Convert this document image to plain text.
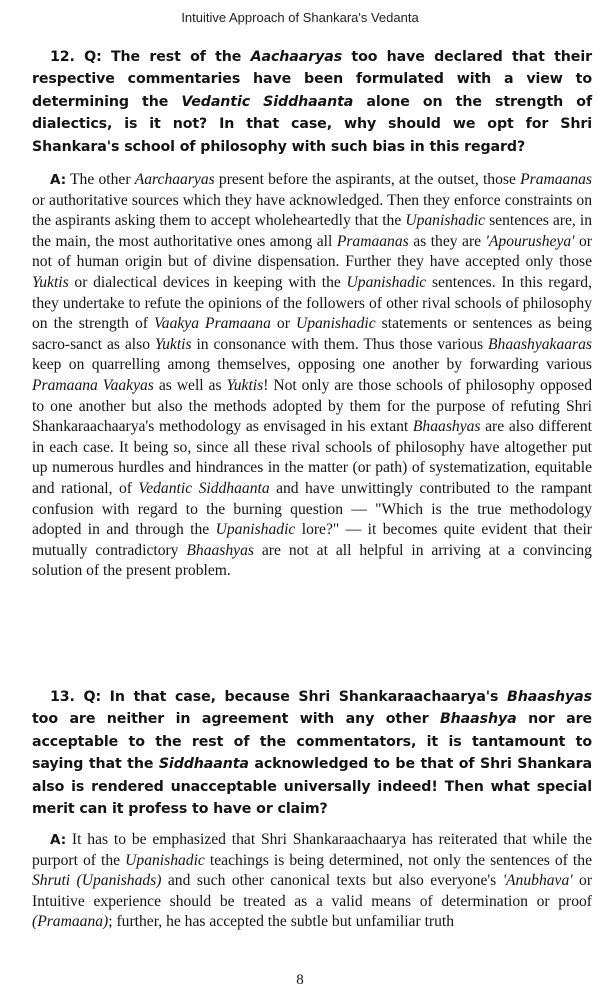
Intuitive Approach of Shankara's Vedanta

12. Q: The rest of the Aachaaryas too have declared that their respective commentaries have been formulated with a view to determining the Vedantic Siddhaanta alone on the strength of dialectics, is it not? In that case, why should we opt for Shri Shankara's school of philosophy with such bias in this regard?

A: The other Aarchaaryas present before the aspirants, at the outset, those Pramaanas or authoritative sources which they have acknowledged. Then they enforce constraints on the aspirants asking them to accept wholeheartedly that the Upanishadic sentences are, in the main, the most authoritative ones among all Pramaanas as they are 'Apourusheya' or not of human origin but of divine dispensation. Further they have accepted only those Yuktis or dialectical devices in keeping with the Upanishadic sentences. In this regard, they undertake to refute the opinions of the followers of other rival schools of philosophy on the strength of Vaakya Pramaana or Upanishadic statements or sentences as being sacro-sanct as also Yuktis in consonance with them. Thus those various Bhaashyakaaras keep on quarrelling among themselves, opposing one another by forwarding various Pramaana Vaakyas as well as Yuktis! Not only are those schools of philosophy opposed to one another but also the methods adopted by them for the purpose of refuting Shri Shankaraachaarya's methodology as envisaged in his extant Bhaashyas are also different in each case. It being so, since all these rival schools of philosophy have altogether put up numerous hurdles and hindrances in the matter (or path) of systematization, equitable and rational, of Vedantic Siddhaanta and have unwittingly contributed to the rampant confusion with regard to the burning question — "Which is the true methodology adopted in and through the Upanishadic lore?" — it becomes quite evident that their mutually contradictory Bhaashyas are not at all helpful in arriving at a convincing solution of the present problem.

13. Q: In that case, because Shri Shankaraachaarya's Bhaashyas too are neither in agreement with any other Bhaashya nor are acceptable to the rest of the commentators, it is tantamount to saying that the Siddhaanta acknowledged to be that of Shri Shankara also is rendered unacceptable universally indeed! Then what special merit can it profess to have or claim?

A: It has to be emphasized that Shri Shankaraachaarya has reiterated that while the purport of the Upanishadic teachings is being determined, not only the sentences of the Shruti (Upanishads) and such other canonical texts but also everyone's 'Anubhava' or Intuitive experience should be treated as a valid means of determination or proof (Pramaana); further, he has accepted the subtle but unfamiliar truth

8
